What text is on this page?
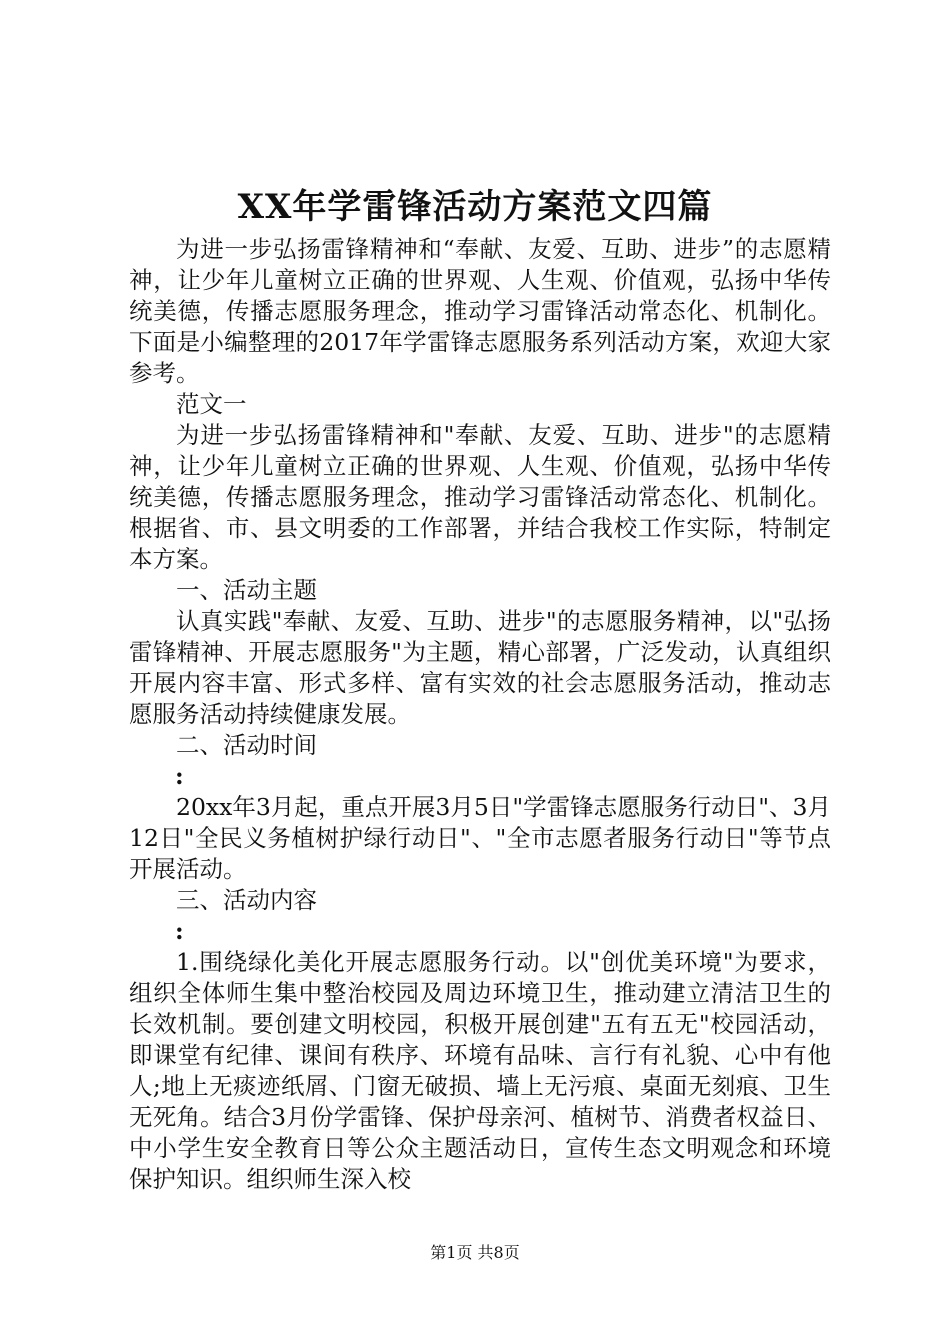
XX年学雷锋活动方案范文四篇

为进一步弘扬雷锋精神和“奉献、友爱、互助、进步”的志愿精神，让少年儿童树立正确的世界观、人生观、价值观，弘扬中华传统美德，传播志愿服务理念，推动学习雷锋活动常态化、机制化。下面是小编整理的2017年学雷锋志愿服务系列活动方案，欢迎大家参考。

范文一

为进一步弘扬雷锋精神和"奉献、友爱、互助、进步"的志愿精神，让少年儿童树立正确的世界观、人生观、价值观，弘扬中华传统美德，传播志愿服务理念，推动学习雷锋活动常态化、机制化。根据省、市、县文明委的工作部署，并结合我校工作实际，特制定本方案。

一、活动主题

认真实践"奉献、友爱、互助、进步"的志愿服务精神，以"弘扬雷锋精神、开展志愿服务"为主题，精心部署，广泛发动，认真组织开展内容丰富、形式多样、富有实效的社会志愿服务活动，推动志愿服务活动持续健康发展。

二、活动时间

:

20xx年3月起，重点开展3月5日"学雷锋志愿服务行动日"、3月12日"全民义务植树护绿行动日"、"全市志愿者服务行动日"等节点开展活动。

三、活动内容

:

1.围绕绿化美化开展志愿服务行动。以"创优美环境"为要求，组织全体师生集中整治校园及周边环境卫生，推动建立清洁卫生的长效机制。要创建文明校园，积极开展创建"五有五无"校园活动，即课堂有纪律、课间有秩序、环境有品味、言行有礼貌、心中有他人;地上无痰迹纸屑、门窗无破损、墙上无污痕、桌面无刻痕、卫生无死角。结合3月份学雷锋、保护母亲河、植树节、消费者权益日、中小学生安全教育日等公众主题活动日，宣传生态文明观念和环境保护知识。组织师生深入校

第1页 共8页
